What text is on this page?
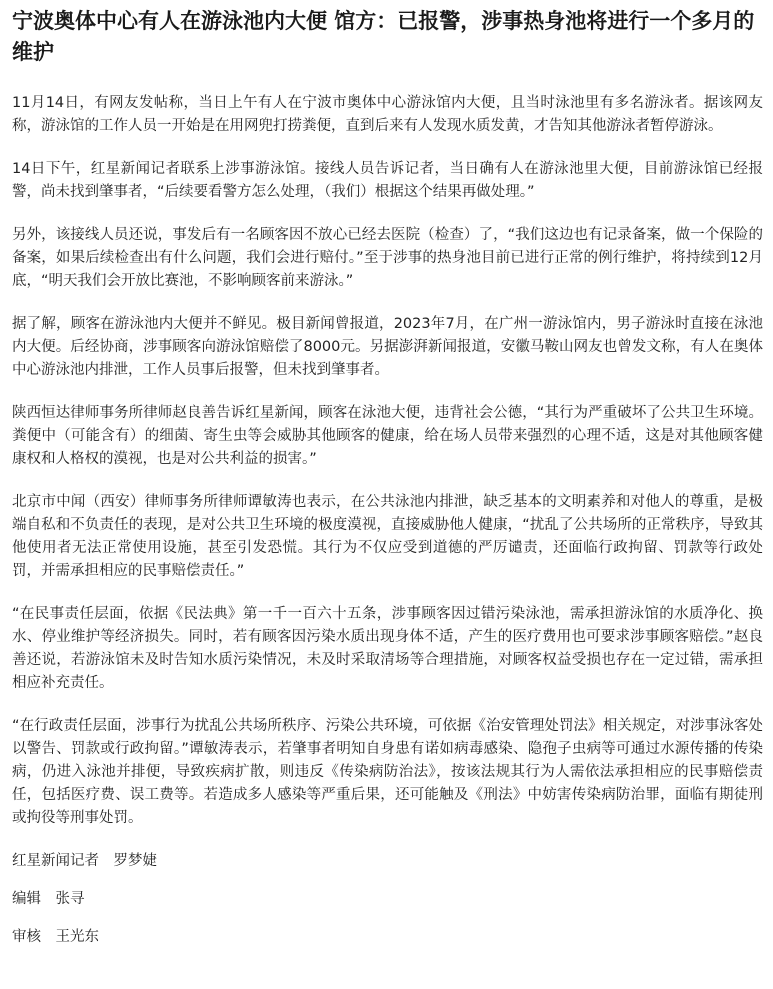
宁波奥体中心有人在游泳池内大便 馆方：已报警，涉事热身池将进行一个多月的维护

11月14日，有网友发帖称，当日上午有人在宁波市奥体中心游泳馆内大便，且当时泳池里有多名游泳者。据该网友称，游泳馆的工作人员一开始是在用网兜打捞粪便，直到后来有人发现水质发黄，才告知其他游泳者暂停游泳。

14日下午，红星新闻记者联系上涉事游泳馆。接线人员告诉记者，当日确有人在游泳池里大便，目前游泳馆已经报警，尚未找到肇事者，“后续要看警方怎么处理，（我们）根据这个结果再做处理。”

另外，该接线人员还说，事发后有一名顾客因不放心已经去医院（检查）了，“我们这边也有记录备案，做一个保险的备案，如果后续检查出有什么问题，我们会进行赔付。”至于涉事的热身池目前已进行正常的例行维护，将持续到12月底，“明天我们会开放比赛池，不影响顾客前来游泳。”

据了解，顾客在游泳池内大便并不鲜见。极目新闻曾报道，2023年7月，在广州一游泳馆内，男子游泳时直接在泳池内大便。后经协商，涉事顾客向游泳馆赔偿了8000元。另据澎湃新闻报道，安徽马鞍山网友也曾发文称，有人在奥体中心游泳池内排泄，工作人员事后报警，但未找到肇事者。

陕西恒达律师事务所律师赵良善告诉红星新闻，顾客在泳池大便，违背社会公德，“其行为严重破坏了公共卫生环境。粪便中（可能含有）的细菌、寄生虫等会威胁其他顾客的健康，给在场人员带来强烈的心理不适，这是对其他顾客健康权和人格权的漠视，也是对公共利益的损害。”

北京市中闻（西安）律师事务所律师谭敏涛也表示，在公共泳池内排泄，缺乏基本的文明素养和对他人的尊重，是极端自私和不负责任的表现，是对公共卫生环境的极度漠视，直接威胁他人健康，“扰乱了公共场所的正常秩序，导致其他使用者无法正常使用设施，甚至引发恐慌。其行为不仅应受到道德的严厉谴责，还面临行政拘留、罚款等行政处罚，并需承担相应的民事赔偿责任。”

“在民事责任层面，依据《民法典》第一千一百六十五条，涉事顾客因过错污染泳池，需承担游泳馆的水质净化、换水、停业维护等经济损失。同时，若有顾客因污染水质出现身体不适，产生的医疗费用也可要求涉事顾客赔偿。”赵良善还说，若游泳馆未及时告知水质污染情况，未及时采取清场等合理措施，对顾客权益受损也存在一定过错，需承担相应补充责任。

“在行政责任层面，涉事行为扰乱公共场所秩序、污染公共环境，可依据《治安管理处罚法》相关规定，对涉事泳客处以警告、罚款或行政拘留。”谭敏涛表示，若肇事者明知自身患有诺如病毒感染、隐孢子虫病等可通过水源传播的传染病，仍进入泳池并排便，导致疾病扩散，则违反《传染病防治法》，按该法规其行为人需依法承担相应的民事赔偿责任，包括医疗费、误工费等。若造成多人感染等严重后果，还可能触及《刑法》中妨害传染病防治罪，面临有期徒刑或拘役等刑事处罚。

红星新闻记者　罗梦婕
编辑　张寻
审核　王光东
